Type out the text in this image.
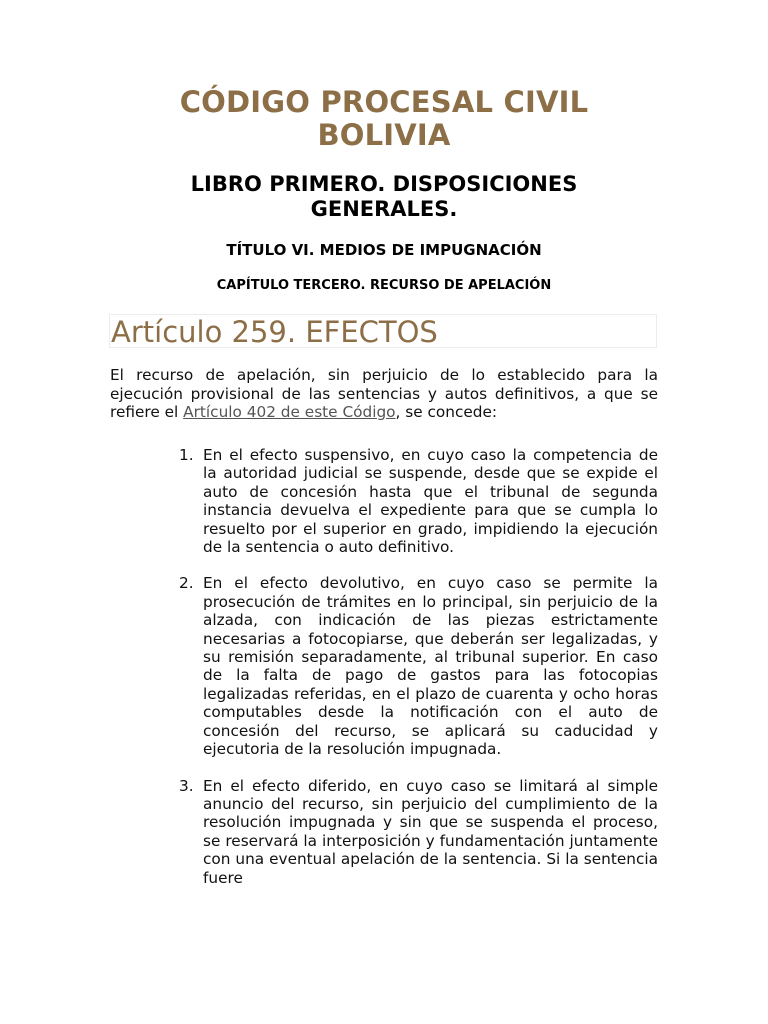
CÓDIGO PROCESAL CIVIL BOLIVIA
LIBRO PRIMERO. DISPOSICIONES GENERALES.
TÍTULO VI. MEDIOS DE IMPUGNACIÓN
CAPÍTULO TERCERO. RECURSO DE APELACIÓN
Artículo 259. EFECTOS

El recurso de apelación, sin perjuicio de lo establecido para la ejecución provisional de las sentencias y autos definitivos, a que se refiere el Artículo 402 de este Código, se concede:

1. En el efecto suspensivo, en cuyo caso la competencia de la autoridad judicial se suspende, desde que se expide el auto de concesión hasta que el tribunal de segunda instancia devuelva el expediente para que se cumpla lo resuelto por el superior en grado, impidiendo la ejecución de la sentencia o auto definitivo.
2. En el efecto devolutivo, en cuyo caso se permite la prosecución de trámites en lo principal, sin perjuicio de la alzada, con indicación de las piezas estrictamente necesarias a fotocopiarse, que deberán ser legalizadas, y su remisión separadamente, al tribunal superior. En caso de la falta de pago de gastos para las fotocopias legalizadas referidas, en el plazo de cuarenta y ocho horas computables desde la notificación con el auto de concesión del recurso, se aplicará su caducidad y ejecutoria de la resolución impugnada.
3. En el efecto diferido, en cuyo caso se limitará al simple anuncio del recurso, sin perjuicio del cumplimiento de la resolución impugnada y sin que se suspenda el proceso, se reservará la interposición y fundamentación juntamente con una eventual apelación de la sentencia. Si la sentencia fuere
